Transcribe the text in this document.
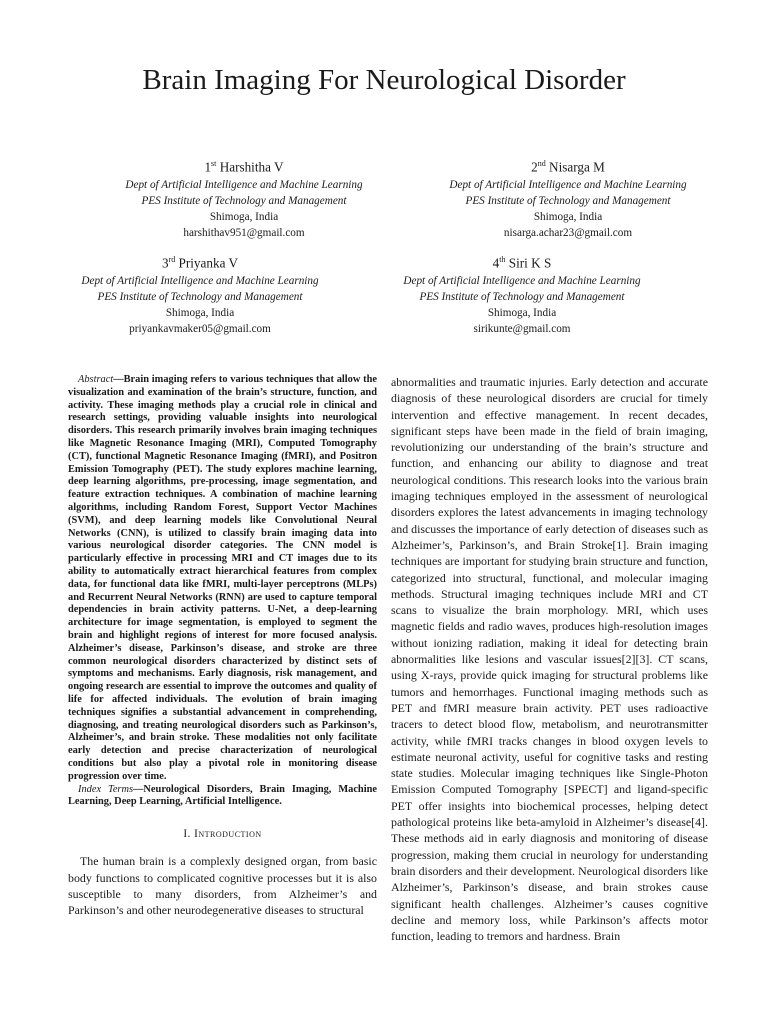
Brain Imaging For Neurological Disorder
1st Harshitha V
Dept of Artificial Intelligence and Machine Learning
PES Institute of Technology and Management
Shimoga, India
harshithav951@gmail.com
2nd Nisarga M
Dept of Artificial Intelligence and Machine Learning
PES Institute of Technology and Management
Shimoga, India
nisarga.achar23@gmail.com
3rd Priyanka V
Dept of Artificial Intelligence and Machine Learning
PES Institute of Technology and Management
Shimoga, India
priyankavmaker05@gmail.com
4th Siri K S
Dept of Artificial Intelligence and Machine Learning
PES Institute of Technology and Management
Shimoga, India
sirikunte@gmail.com

Abstract—Brain imaging refers to various techniques that allow the visualization and examination of the brain’s structure, function, and activity. These imaging methods play a crucial role in clinical and research settings, providing valuable insights into neurological disorders. This research primarily involves brain imaging techniques like Magnetic Resonance Imaging (MRI), Computed Tomography (CT), functional Magnetic Resonance Imaging (fMRI), and Positron Emission Tomography (PET). The study explores machine learning, deep learning algorithms, pre-processing, image segmentation, and feature extraction techniques. A combination of machine learning algorithms, including Random Forest, Support Vector Machines (SVM), and deep learning models like Convolutional Neural Networks (CNN), is utilized to classify brain imaging data into various neurological disorder categories. The CNN model is particularly effective in processing MRI and CT images due to its ability to automatically extract hierarchical features from complex data, for functional data like fMRI, multi-layer perceptrons (MLPs) and Recurrent Neural Networks (RNN) are used to capture temporal dependencies in brain activity patterns. U-Net, a deep-learning architecture for image segmentation, is employed to segment the brain and highlight regions of interest for more focused analysis. Alzheimer’s disease, Parkinson’s disease, and stroke are three common neurological disorders characterized by distinct sets of symptoms and mechanisms. Early diagnosis, risk management, and ongoing research are essential to improve the outcomes and quality of life for affected individuals. The evolution of brain imaging techniques signifies a substantial advancement in comprehending, diagnosing, and treating neurological disorders such as Parkinson’s, Alzheimer’s, and brain stroke. These modalities not only facilitate early detection and precise characterization of neurological conditions but also play a pivotal role in monitoring disease progression over time.

Index Terms—Neurological Disorders, Brain Imaging, Machine Learning, Deep Learning, Artificial Intelligence.

I. Introduction

The human brain is a complexly designed organ, from basic body functions to complicated cognitive processes but it is also susceptible to many disorders, from Alzheimer’s and Parkinson’s and other neurodegenerative diseases to structural

abnormalities and traumatic injuries. Early detection and accurate diagnosis of these neurological disorders are crucial for timely intervention and effective management. In recent decades, significant steps have been made in the field of brain imaging, revolutionizing our understanding of the brain’s structure and function, and enhancing our ability to diagnose and treat neurological conditions. This research looks into the various brain imaging techniques employed in the assessment of neurological disorders explores the latest advancements in imaging technology and discusses the importance of early detection of diseases such as Alzheimer’s, Parkinson’s, and Brain Stroke[1]. Brain imaging techniques are important for studying brain structure and function, categorized into structural, functional, and molecular imaging methods. Structural imaging techniques include MRI and CT scans to visualize the brain morphology. MRI, which uses magnetic fields and radio waves, produces high-resolution images without ionizing radiation, making it ideal for detecting brain abnormalities like lesions and vascular issues[2][3]. CT scans, using X-rays, provide quick imaging for structural problems like tumors and hemorrhages. Functional imaging methods such as PET and fMRI measure brain activity. PET uses radioactive tracers to detect blood flow, metabolism, and neurotransmitter activity, while fMRI tracks changes in blood oxygen levels to estimate neuronal activity, useful for cognitive tasks and resting state studies. Molecular imaging techniques like Single-Photon Emission Computed Tomography [SPECT] and ligand-specific PET offer insights into biochemical processes, helping detect pathological proteins like beta-amyloid in Alzheimer’s disease[4]. These methods aid in early diagnosis and monitoring of disease progression, making them crucial in neurology for understanding brain disorders and their development. Neurological disorders like Alzheimer’s, Parkinson’s disease, and brain strokes cause significant health challenges. Alzheimer’s causes cognitive decline and memory loss, while Parkinson’s affects motor function, leading to tremors and hardness. Brain
